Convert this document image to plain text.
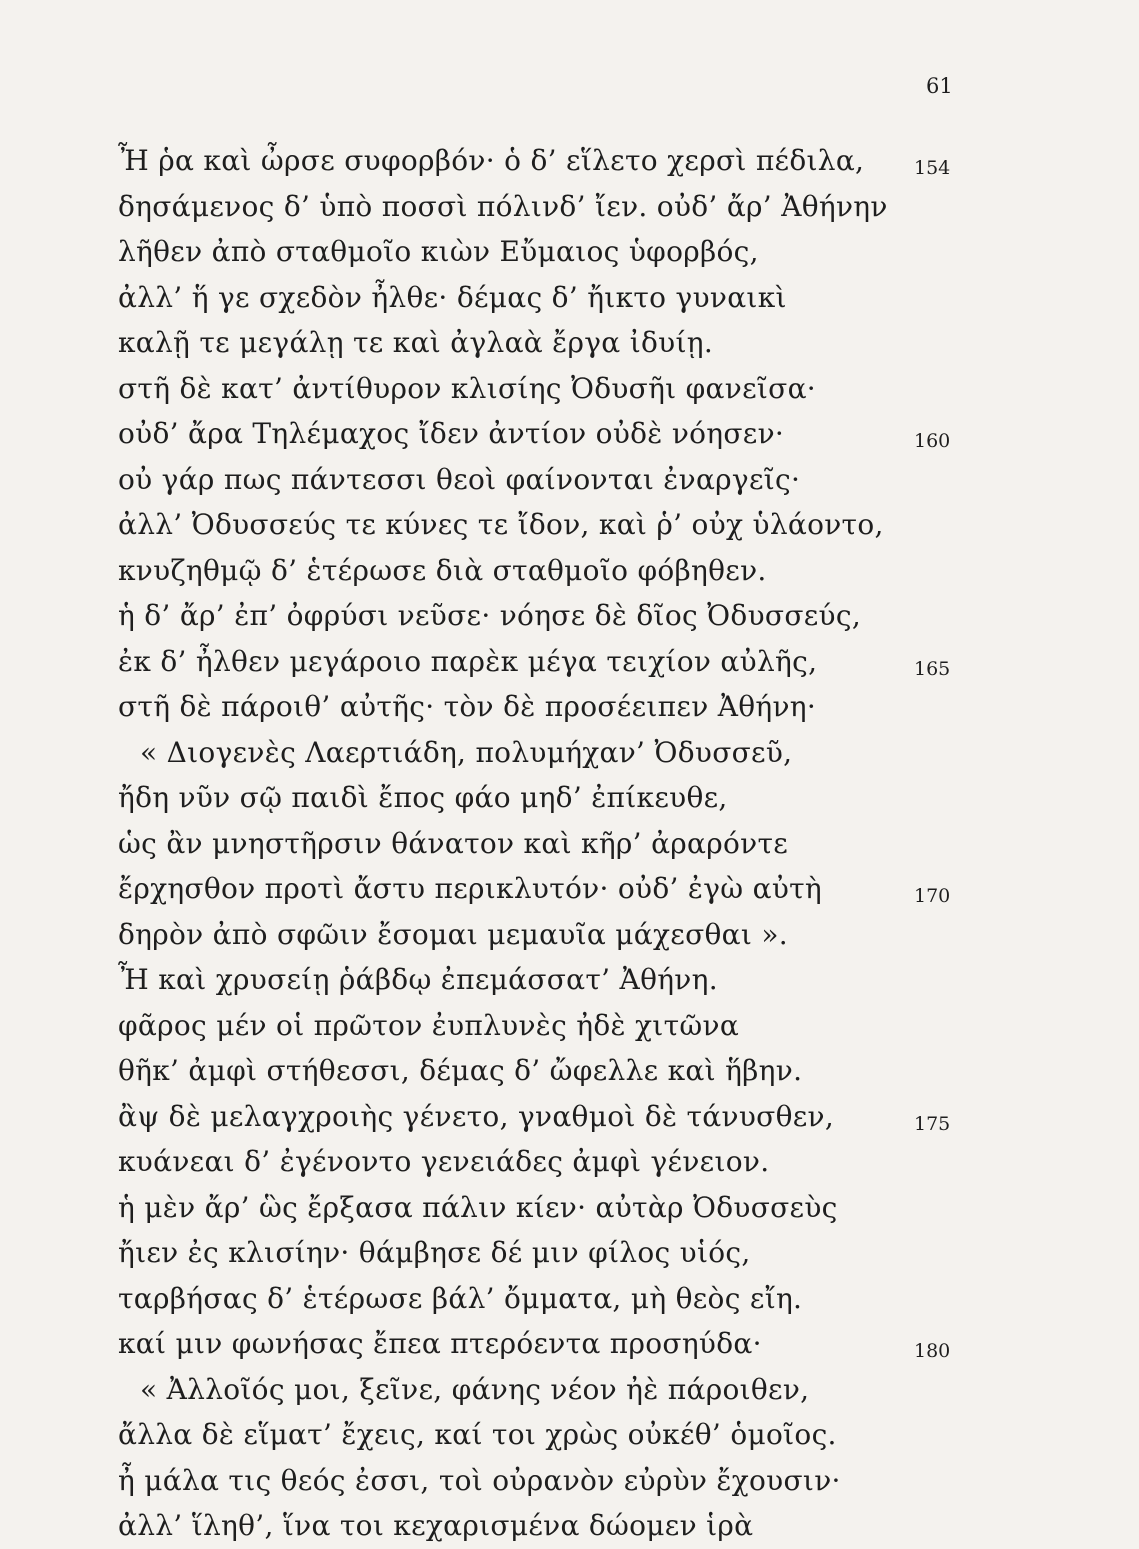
61
Ἦ ῥα καὶ ὦρσε συφορβόν· ὁ δ’ εἵλετο χερσὶ πέδιλα,	154
δησάμενος δ’ ὑπὸ ποσσὶ πόλινδ’ ἴεν. οὐδ’ ἄρ’ Ἀθήνην
λῆθεν ἀπὸ σταθμοῖο κιὼν Εὔμαιος ὑφορβός,
ἀλλ’ ἥ γε σχεδὸν ἦλθε· δέμας δ’ ἤικτο γυναικὶ
καλῇ τε μεγάλῃ τε καὶ ἀγλαὰ ἔργα ἰδυίῃ.
στῆ δὲ κατ’ ἀντίθυρον κλισίης Ὀδυσῆι φανεῖσα·
οὐδ’ ἄρα Τηλέμαχος ἴδεν ἀντίον οὐδὲ νόησεν·	160
οὐ γάρ πως πάντεσσι θεοὶ φαίνονται ἐναργεῖς·
ἀλλ’ Ὀδυσσεύς τε κύνες τε ἴδον, καὶ ῥ’ οὐχ ὑλάοντο,
κνυζηθμῷ δ’ ἑτέρωσε διὰ σταθμοῖο φόβηθεν.
ἡ δ’ ἄρ’ ἐπ’ ὀφρύσι νεῦσε· νόησε δὲ δῖος Ὀδυσσεύς,
ἐκ δ’ ἦλθεν μεγάροιο παρὲκ μέγα τειχίον αὐλῆς,	165
στῆ δὲ πάροιθ’ αὐτῆς· τὸν δὲ προσέειπεν Ἀθήνη·
« Διογενὲς Λαερτιάδη, πολυμήχαν’ Ὀδυσσεῦ,
ἤδη νῦν σῷ παιδὶ ἔπος φάο μηδ’ ἐπίκευθε,
ὡς ἂν μνηστῆρσιν θάνατον καὶ κῆρ’ ἀραρόντε
ἔρχησθον προτὶ ἄστυ περικλυτόν· οὐδ’ ἐγὼ αὐτὴ	170
δηρὸν ἀπὸ σφῶιν ἔσομαι μεμαυῖα μάχεσθαι ».
Ἦ καὶ χρυσείῃ ῥάβδῳ ἐπεμάσσατ’ Ἀθήνη.
φᾶρος μέν οἱ πρῶτον ἐυπλυνὲς ἠδὲ χιτῶνα
θῆκ’ ἀμφὶ στήθεσσι, δέμας δ’ ὤφελλε καὶ ἥβην.
ἂψ δὲ μελαγχροιὴς γένετο, γναθμοὶ δὲ τάνυσθεν,	175
κυάνεαι δ’ ἐγένοντο γενειάδες ἀμφὶ γένειον.
ἡ μὲν ἄρ’ ὣς ἔρξασα πάλιν κίεν· αὐτὰρ Ὀδυσσεὺς
ἤιεν ἐς κλισίην· θάμβησε δέ μιν φίλος υἱός,
ταρβήσας δ’ ἑτέρωσε βάλ’ ὄμματα, μὴ θεὸς εἴη.
καί μιν φωνήσας ἔπεα πτερόεντα προσηύδα·	180
« Ἀλλοῖός μοι, ξεῖνε, φάνης νέον ἠὲ πάροιθεν,
ἄλλα δὲ εἵματ’ ἔχεις, καί τοι χρὼς οὐκέθ’ ὁμοῖος.
ἦ μάλα τις θεός ἐσσι, τοὶ οὐρανὸν εὐρὺν ἔχουσιν·
ἀλλ’ ἵληθ’, ἵνα τοι κεχαρισμένα δώομεν ἱρὰ
